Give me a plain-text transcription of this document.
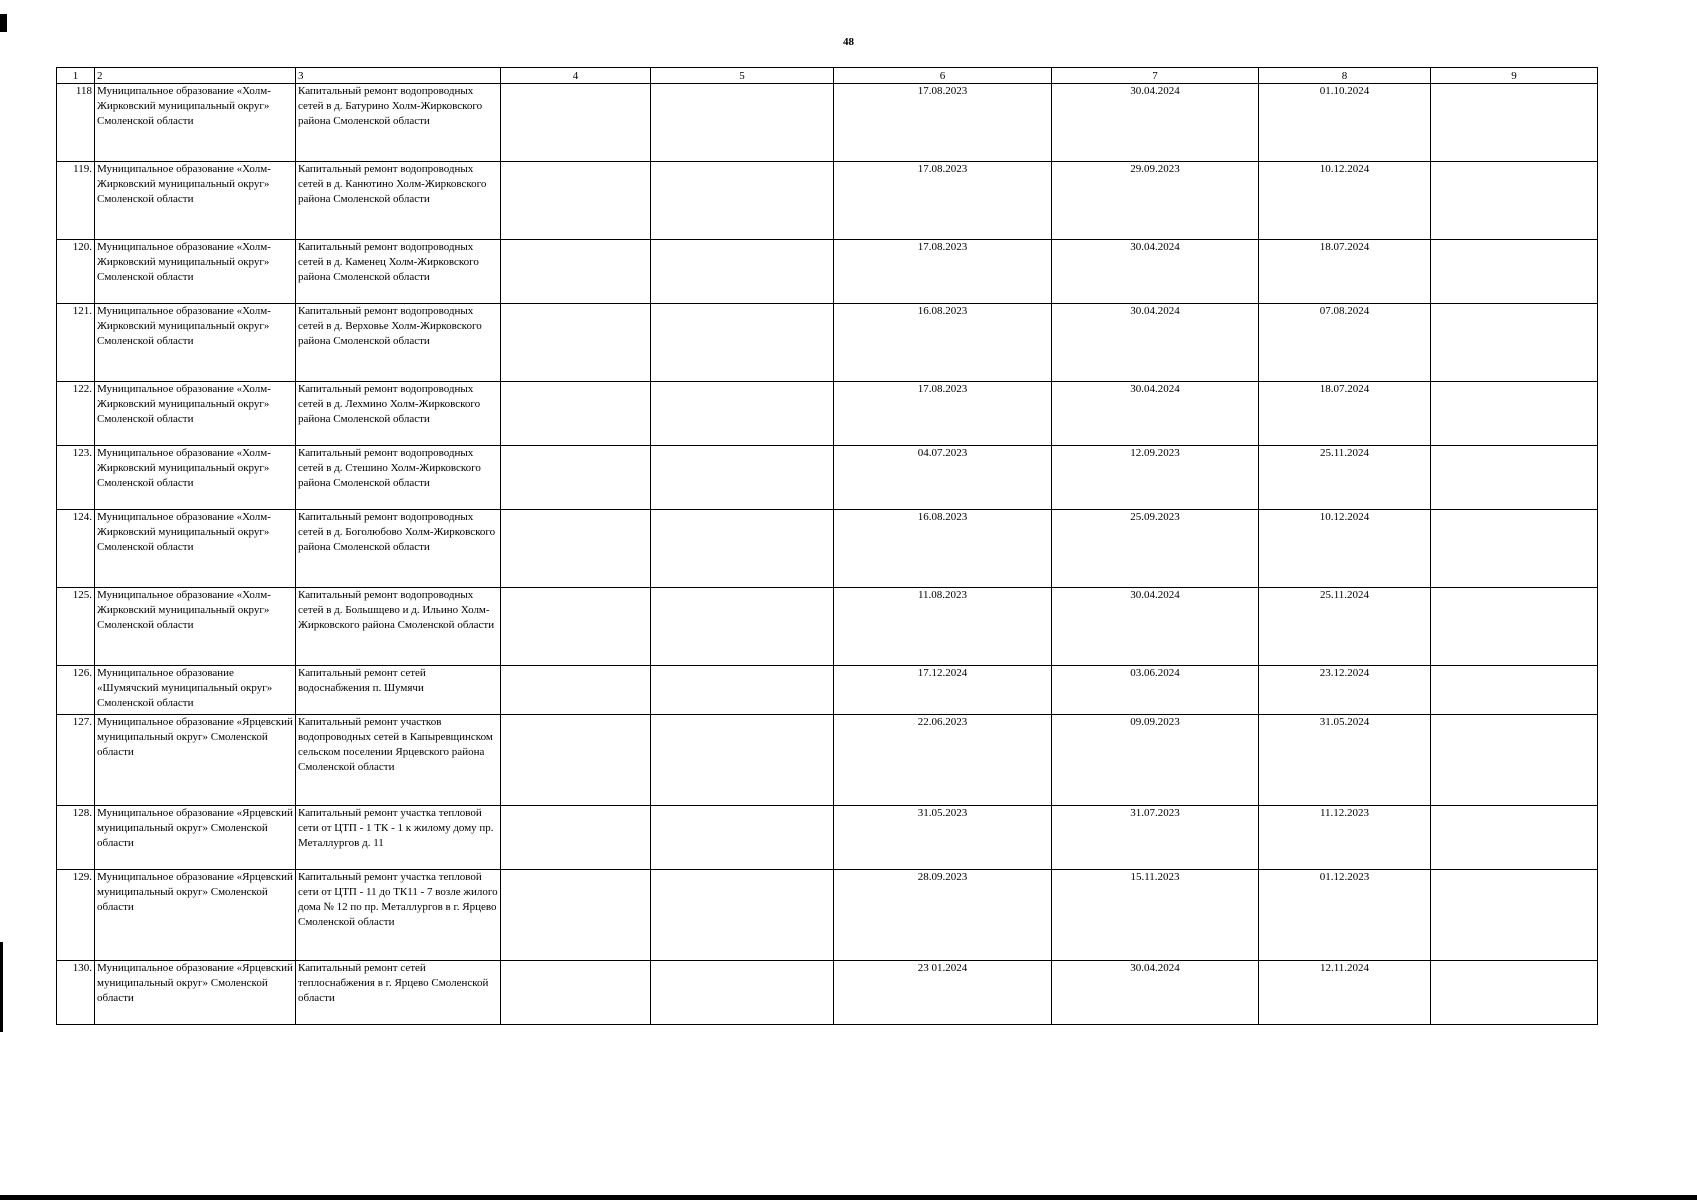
48
1	2	3	4	5	6	7	8	9
118	Муниципальное образование «Холм-Жирковский муниципальный округ» Смоленской области	Капитальный ремонт водопроводных сетей в д. Батурино Холм-Жирковского района Смоленской области			17.08.2023	30.04.2024	01.10.2024	
119.	Муниципальное образование «Холм-Жирковский муниципальный округ» Смоленской области	Капитальный ремонт водопроводных сетей в д. Канютино Холм-Жирковского района Смоленской области			17.08.2023	29.09.2023	10.12.2024	
120.	Муниципальное образование «Холм-Жирковский муниципальный округ» Смоленской области	Капитальный ремонт водопроводных сетей в д. Каменец Холм-Жирковского района Смоленской области			17.08.2023	30.04.2024	18.07.2024	
121.	Муниципальное образование «Холм-Жирковский муниципальный округ» Смоленской области	Капитальный ремонт водопроводных сетей в д. Верховье Холм-Жирковского района Смоленской области			16.08.2023	30.04.2024	07.08.2024	
122.	Муниципальное образование «Холм-Жирковский муниципальный округ» Смоленской области	Капитальный ремонт водопроводных сетей в д. Лехмино Холм-Жирковского района Смоленской области			17.08.2023	30.04.2024	18.07.2024	
123.	Муниципальное образование «Холм-Жирковский муниципальный округ» Смоленской области	Капитальный ремонт водопроводных сетей в д. Стешино Холм-Жирковского района Смоленской области			04.07.2023	12.09.2023	25.11.2024	
124.	Муниципальное образование «Холм-Жирковский муниципальный округ» Смоленской области	Капитальный ремонт водопроводных сетей в д. Боголюбово Холм-Жирковского района Смоленской области			16.08.2023	25.09.2023	10.12.2024	
125.	Муниципальное образование «Холм-Жирковский муниципальный округ» Смоленской области	Капитальный ремонт водопроводных сетей в д. Большщево и д. Ильино Холм-Жирковского района Смоленской области			11.08.2023	30.04.2024	25.11.2024	
126.	Муниципальное образование «Шумячский муниципальный округ» Смоленской области	Капитальный ремонт сетей водоснабжения п. Шумячи			17.12.2024	03.06.2024	23.12.2024	
127.	Муниципальное образование «Ярцевский муниципальный округ» Смоленской области	Капитальный ремонт участков водопроводных сетей в Капыревщинском сельском поселении Ярцевского района Смоленской области			22.06.2023	09.09.2023	31.05.2024	
128.	Муниципальное образование «Ярцевский муниципальный округ» Смоленской области	Капитальный ремонт участка тепловой сети от ЦТП - 1 ТК - 1 к жилому дому пр. Металлургов д. 11			31.05.2023	31.07.2023	11.12.2023	
129.	Муниципальное образование «Ярцевский муниципальный округ» Смоленской области	Капитальный ремонт участка тепловой сети от ЦТП - 11 до ТК11 - 7 возле жилого дома № 12 по пр. Металлургов в г. Ярцево Смоленской области			28.09.2023	15.11.2023	01.12.2023	
130.	Муниципальное образование «Ярцевский муниципальный округ» Смоленской области	Капитальный ремонт сетей теплоснабжения в г. Ярцево Смоленской области			23 01.2024	30.04.2024	12.11.2024	
